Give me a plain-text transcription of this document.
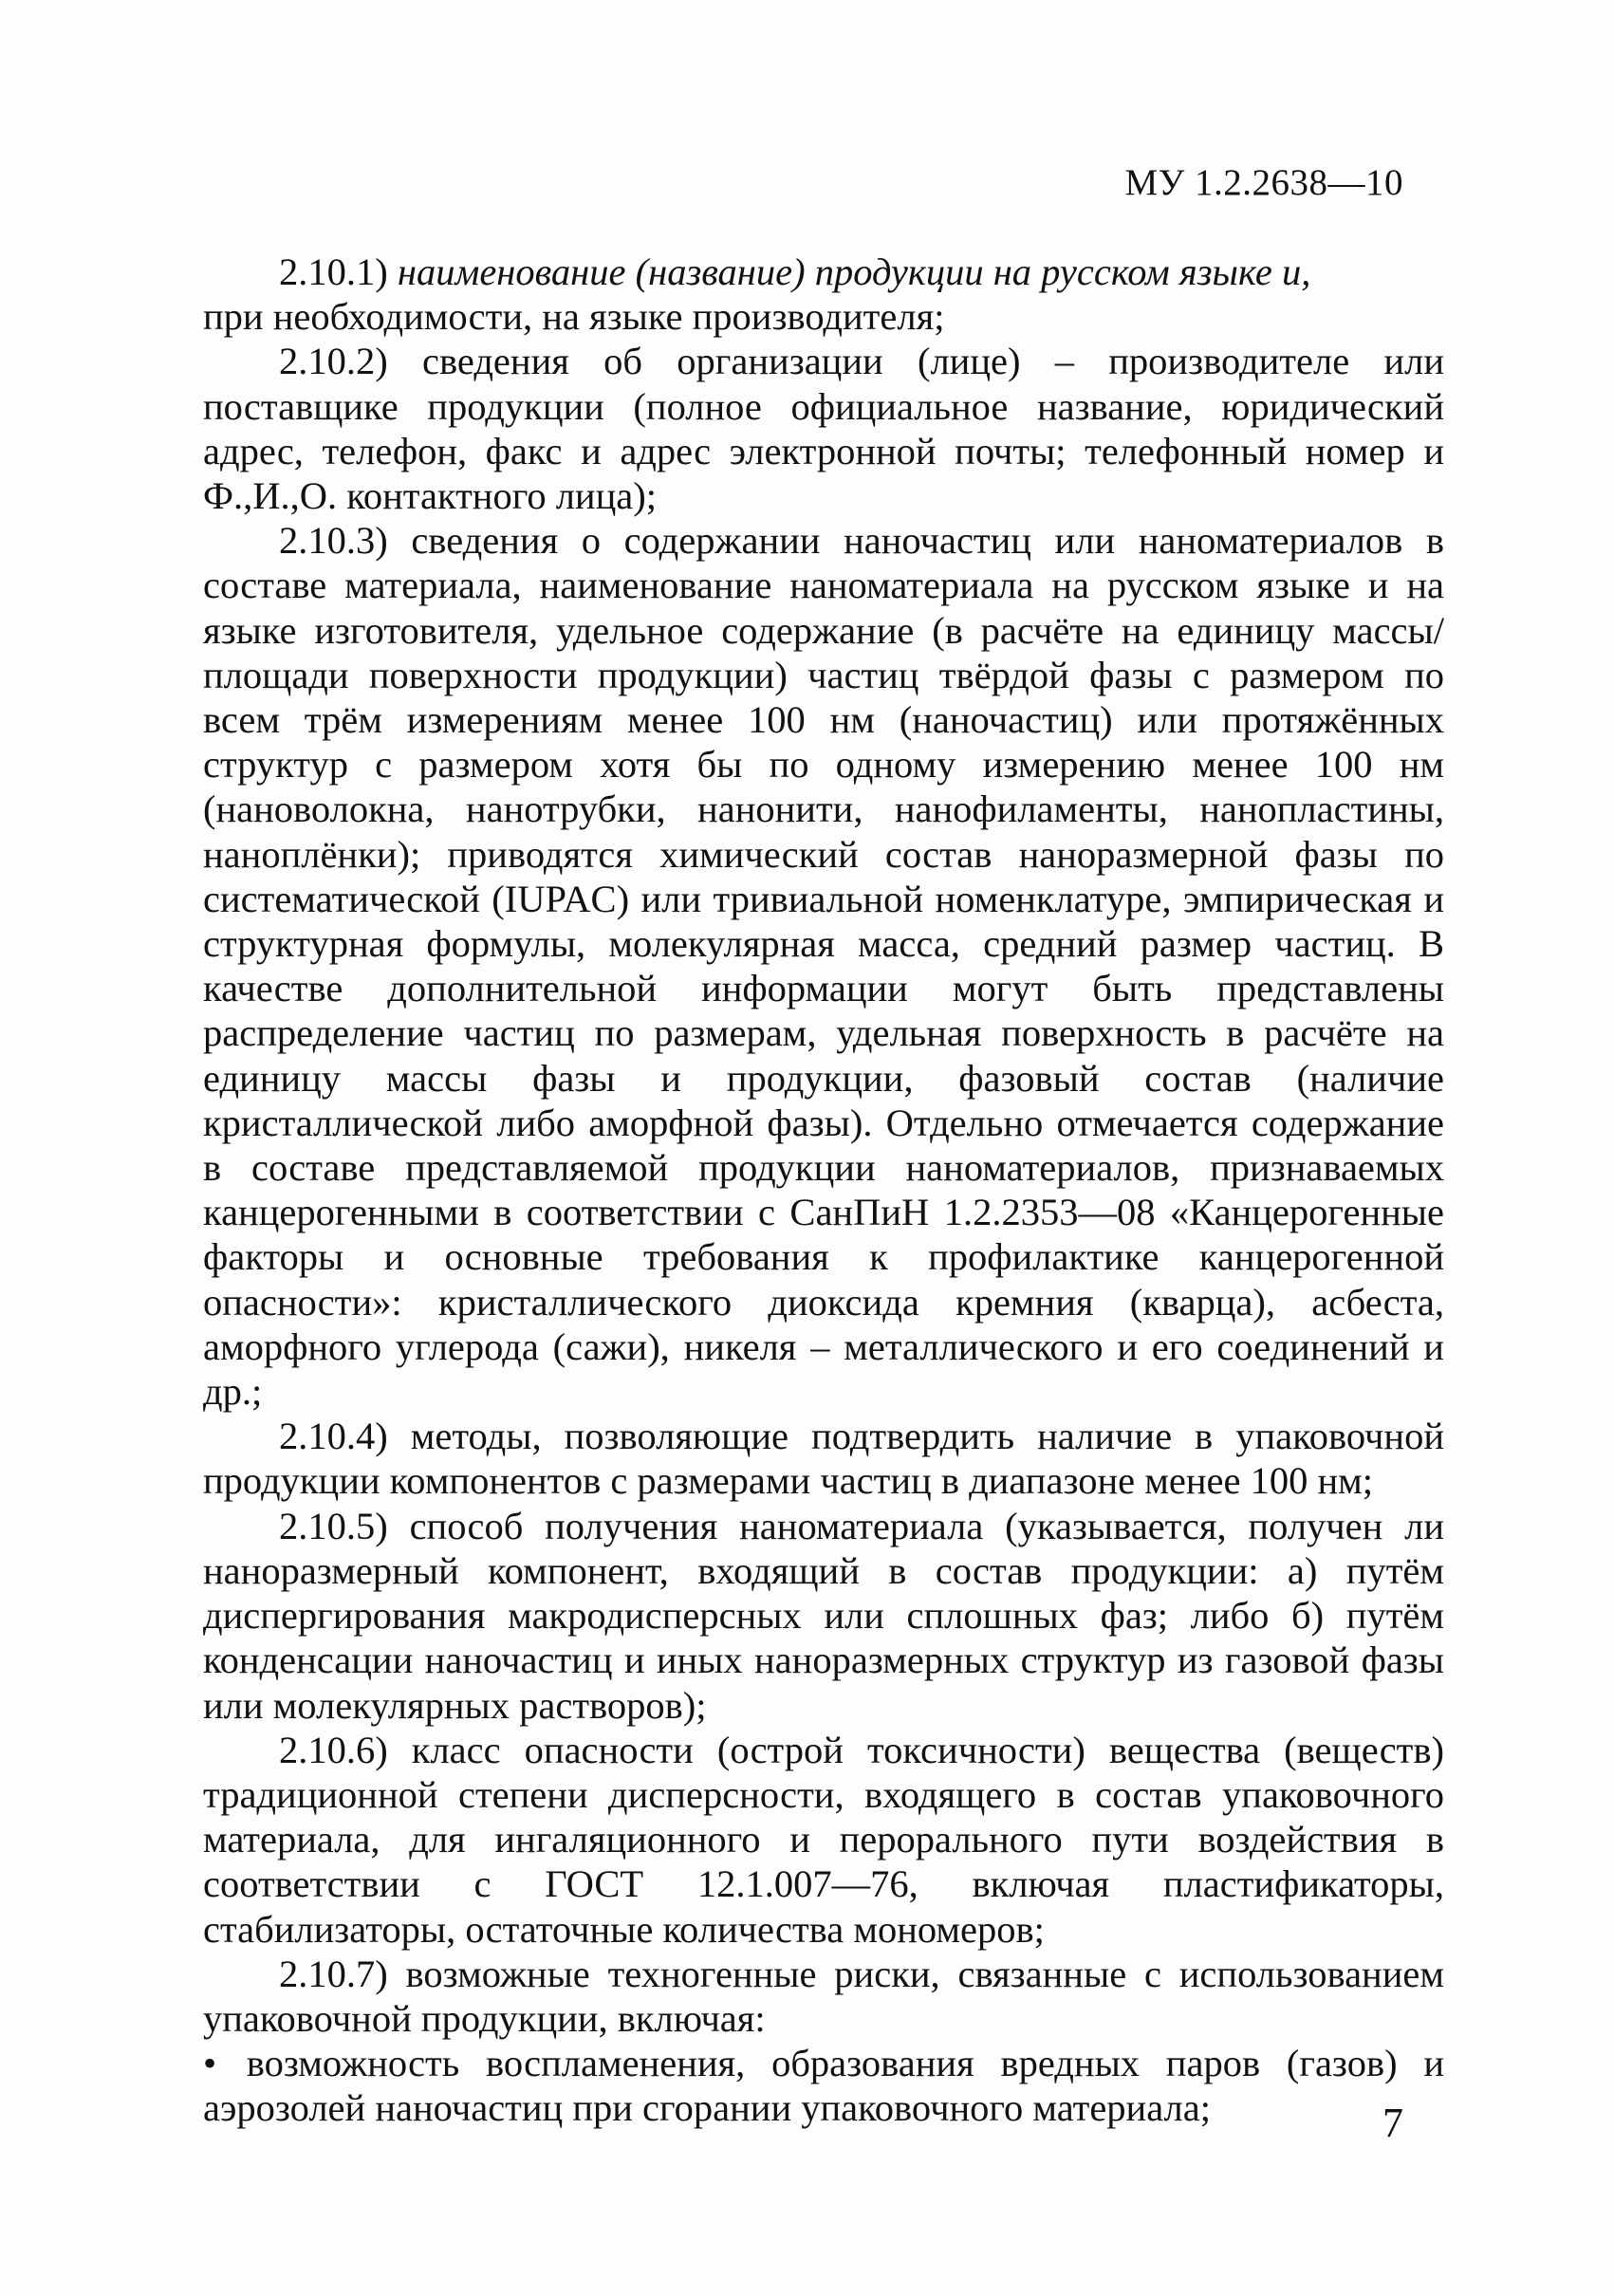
МУ 1.2.2638—10

2.10.1) наименование (название) продукции на русском языке и,
при необходимости, на языке производителя;

2.10.2) сведения об организации (лице) – производителе или поставщике продукции (полное официальное название, юридический адрес, телефон, факс и адрес электронной почты; телефонный номер и Ф.,И.,О. контактного лица);

2.10.3) сведения о содержании наночастиц или наноматериалов в составе материала, наименование наноматериала на русском языке и на языке изготовителя, удельное содержание (в расчёте на единицу массы/площади поверхности продукции) частиц твёрдой фазы с размером по всем трём измерениям менее 100 нм (наночастиц) или протяжённых структур с размером хотя бы по одному измерению менее 100 нм (нановолокна, нанотрубки, нанонити, нанофиламенты, нанопластины, наноплёнки); приводятся химический состав наноразмерной фазы по систематической (IUPAC) или тривиальной номенклатуре, эмпирическая и структурная формулы, молекулярная масса, средний размер частиц. В качестве дополнительной информации могут быть представлены распределение частиц по размерам, удельная поверхность в расчёте на единицу массы фазы и продукции, фазовый состав (наличие кристаллической либо аморфной фазы). Отдельно отмечается содержание в составе представляемой продукции наноматериалов, признаваемых канцерогенными в соответствии с СанПиН 1.2.2353—08 «Канцерогенные факторы и основные требования к профилактике канцерогенной опасности»: кристаллического диоксида кремния (кварца), асбеста, аморфного углерода (сажи), никеля – металлического и его соединений и др.;

2.10.4) методы, позволяющие подтвердить наличие в упаковочной продукции компонентов с размерами частиц в диапазоне менее 100 нм;

2.10.5) способ получения наноматериала (указывается, получен ли наноразмерный компонент, входящий в состав продукции: а) путём диспергирования макродисперсных или сплошных фаз; либо б) путём конденсации наночастиц и иных наноразмерных структур из газовой фазы или молекулярных растворов);

2.10.6) класс опасности (острой токсичности) вещества (веществ) традиционной степени дисперсности, входящего в состав упаковочного материала, для ингаляционного и перорального пути воздействия в соответствии с ГОСТ 12.1.007—76, включая пластификаторы, стабилизаторы, остаточные количества мономеров;

2.10.7) возможные техногенные риски, связанные с использованием упаковочной продукции, включая:

• возможность воспламенения, образования вредных паров (газов) и аэрозолей наночастиц при сгорании упаковочного материала;	7
